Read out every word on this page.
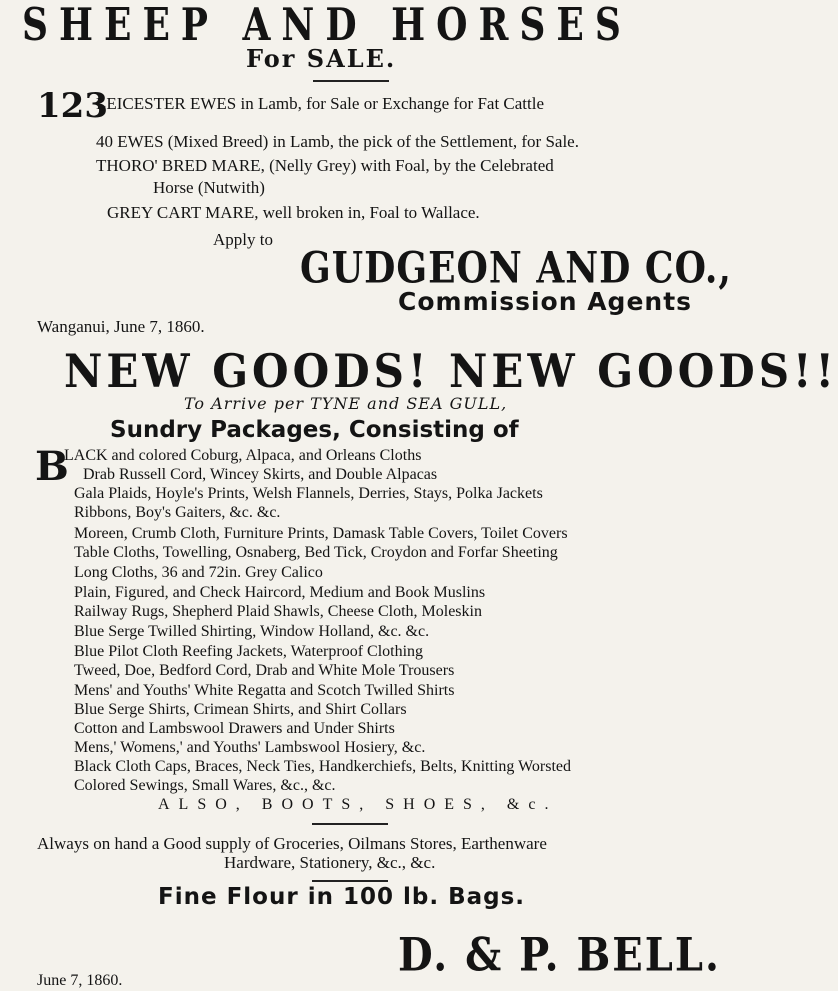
SHEEP AND HORSES
For SALE.
123
LEICESTER EWES in Lamb, for Sale or Exchange for Fat Cattle
40 EWES (Mixed Breed) in Lamb, the pick of the Settlement, for Sale.
THORO' BRED MARE, (Nelly Grey) with Foal, by the Celebrated
Horse (Nutwith)
GREY CART MARE, well broken in, Foal to Wallace.
Apply to
GUDGEON AND CO.,
Commission Agents
Wanganui, June 7, 1860.
NEW GOODS! NEW GOODS!!
To Arrive per TYNE and SEA GULL,
Sundry Packages, Consisting of
B
LACK and colored Coburg, Alpaca, and Orleans Cloths
Drab Russell Cord, Wincey Skirts, and Double Alpacas
Gala Plaids, Hoyle's Prints, Welsh Flannels, Derries, Stays, Polka Jackets
Ribbons, Boy's Gaiters, &c. &c.
Moreen, Crumb Cloth, Furniture Prints, Damask Table Covers, Toilet Covers
Table Cloths, Towelling, Osnaberg, Bed Tick, Croydon and Forfar Sheeting
Long Cloths, 36 and 72in. Grey Calico
Plain, Figured, and Check Haircord, Medium and Book Muslins
Railway Rugs, Shepherd Plaid Shawls, Cheese Cloth, Moleskin
Blue Serge Twilled Shirting, Window Holland, &c. &c.
Blue Pilot Cloth Reefing Jackets, Waterproof Clothing
Tweed, Doe, Bedford Cord, Drab and White Mole Trousers
Mens' and Youths' White Regatta and Scotch Twilled Shirts
Blue Serge Shirts, Crimean Shirts, and Shirt Collars
Cotton and Lambswool Drawers and Under Shirts
Mens,' Womens,' and Youths' Lambswool Hosiery, &c.
Black Cloth Caps, Braces, Neck Ties, Handkerchiefs, Belts, Knitting Worsted
Colored Sewings, Small Wares, &c., &c.
ALSO, BOOTS, SHOES, &c.
Always on hand a Good supply of Groceries, Oilmans Stores, Earthenware
Hardware, Stationery, &c., &c.
Fine Flour in 100 lb. Bags.
D. & P. BELL.
June 7, 1860.
